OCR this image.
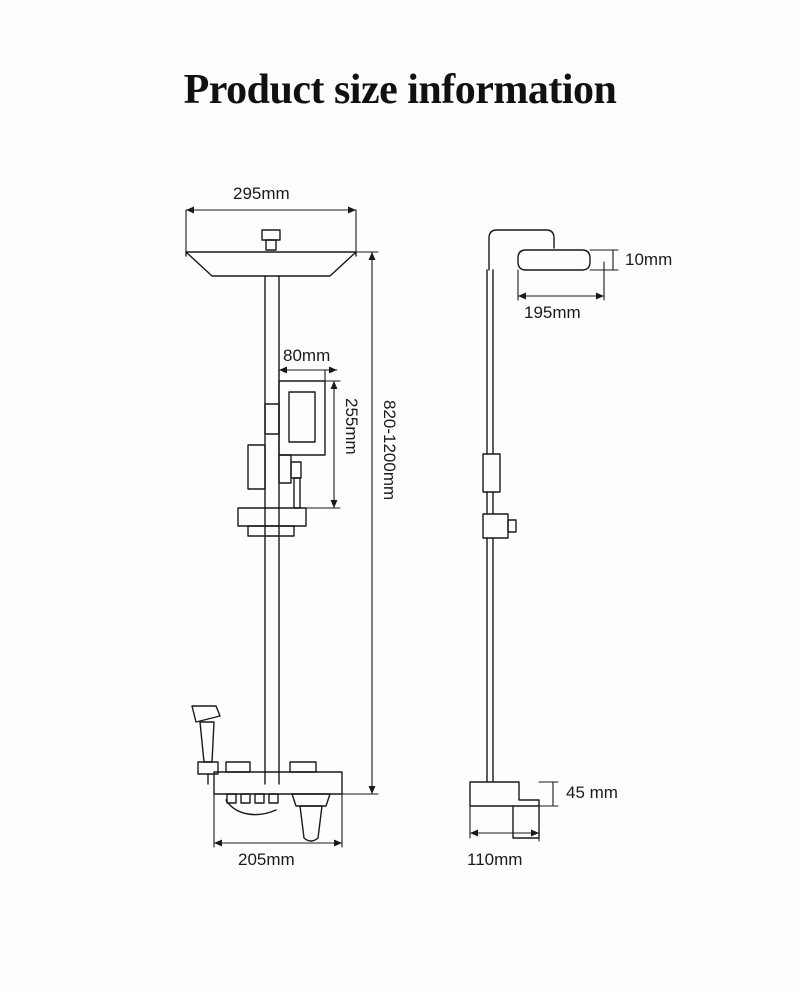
Product size information
295mm
80mm
255mm 820-1200mm
205mm
10mm
195mm
45 mm
110mm
